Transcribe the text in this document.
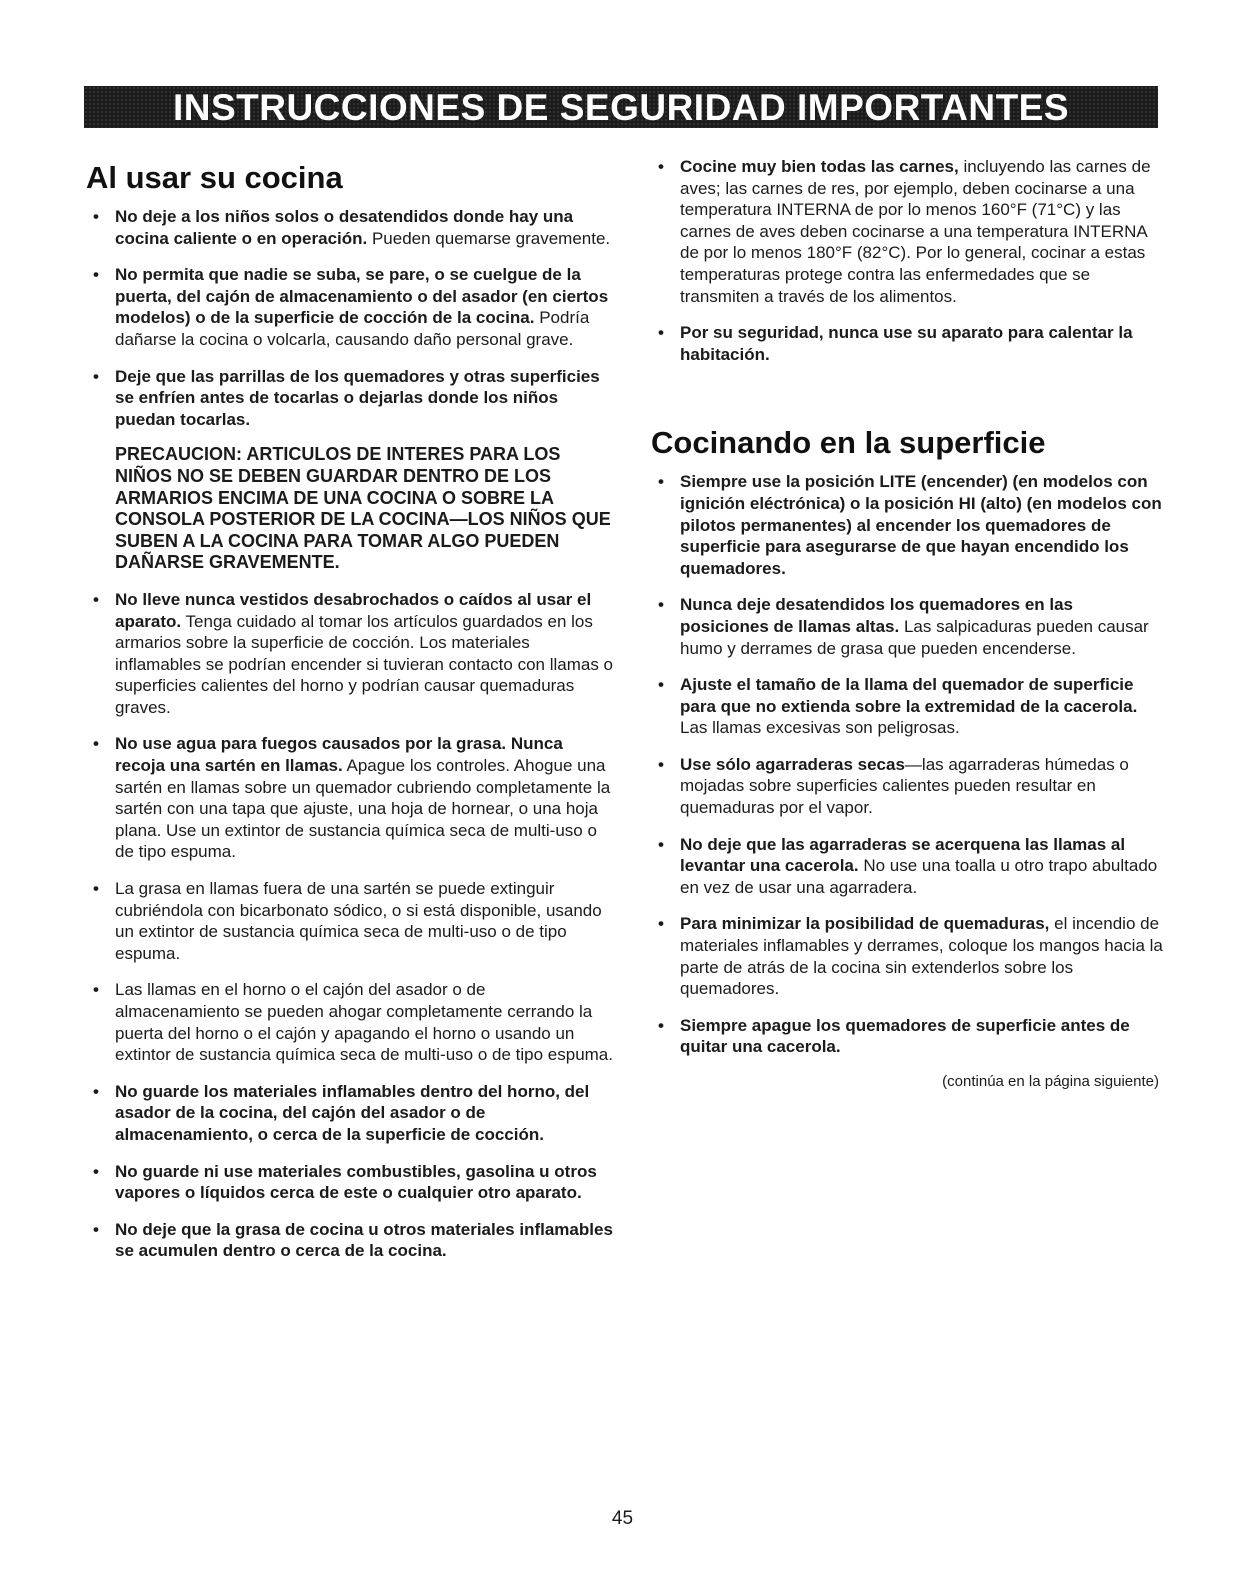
INSTRUCCIONES DE SEGURIDAD IMPORTANTES
Al usar su cocina
• No deje a los niños solos o desatendidos donde hay una cocina caliente o en operación. Pueden quemarse gravemente.
• No permita que nadie se suba, se pare, o se cuelgue de la puerta, del cajón de almacenamiento o del asador (en ciertos modelos) o de la superficie de cocción de la cocina. Podría dañarse la cocina o volcarla, causando daño personal grave.
• Deje que las parrillas de los quemadores y otras superficies se enfríen antes de tocarlas o dejarlas donde los niños puedan tocarlas.
PRECAUCION: ARTICULOS DE INTERES PARA LOS NIÑOS NO SE DEBEN GUARDAR DENTRO DE LOS ARMARIOS ENCIMA DE UNA COCINA O SOBRE LA CONSOLA POSTERIOR DE LA COCINA—LOS NIÑOS QUE SUBEN A LA COCINA PARA TOMAR ALGO PUEDEN DAÑARSE GRAVEMENTE.
• No lleve nunca vestidos desabrochados o caídos al usar el aparato. Tenga cuidado al tomar los artículos guardados en los armarios sobre la superficie de cocción. Los materiales inflamables se podrían encender si tuvieran contacto con llamas o superficies calientes del horno y podrían causar quemaduras graves.
• No use agua para fuegos causados por la grasa. Nunca recoja una sartén en llamas. Apague los controles. Ahogue una sartén en llamas sobre un quemador cubriendo completamente la sartén con una tapa que ajuste, una hoja de hornear, o una hoja plana. Use un extintor de sustancia química seca de multi-uso o de tipo espuma.
• La grasa en llamas fuera de una sartén se puede extinguir cubriéndola con bicarbonato sódico, o si está disponible, usando un extintor de sustancia química seca de multi-uso o de tipo espuma.
• Las llamas en el horno o el cajón del asador o de almacenamiento se pueden ahogar completamente cerrando la puerta del horno o el cajón y apagando el horno o usando un extintor de sustancia química seca de multi-uso o de tipo espuma.
• No guarde los materiales inflamables dentro del horno, del asador de la cocina, del cajón del asador o de almacenamiento, o cerca de la superficie de cocción.
• No guarde ni use materiales combustibles, gasolina u otros vapores o líquidos cerca de este o cualquier otro aparato.
• No deje que la grasa de cocina u otros materiales inflamables se acumulen dentro o cerca de la cocina.
• Cocine muy bien todas las carnes, incluyendo las carnes de aves; las carnes de res, por ejemplo, deben cocinarse a una temperatura INTERNA de por lo menos 160°F (71°C) y las carnes de aves deben cocinarse a una temperatura INTERNA de por lo menos 180°F (82°C). Por lo general, cocinar a estas temperaturas protege contra las enfermedades que se transmiten a través de los alimentos.
• Por su seguridad, nunca use su aparato para calentar la habitación.
Cocinando en la superficie
• Siempre use la posición LITE (encender) (en modelos con ignición eléctrónica) o la posición HI (alto) (en modelos con pilotos permanentes) al encender los quemadores de superficie para asegurarse de que hayan encendido los quemadores.
• Nunca deje desatendidos los quemadores en las posiciones de llamas altas. Las salpicaduras pueden causar humo y derrames de grasa que pueden encenderse.
• Ajuste el tamaño de la llama del quemador de superficie para que no extienda sobre la extremidad de la cacerola. Las llamas excesivas son peligrosas.
• Use sólo agarraderas secas—las agarraderas húmedas o mojadas sobre superficies calientes pueden resultar en quemaduras por el vapor.
• No deje que las agarraderas se acerquena las llamas al levantar una cacerola. No use una toalla u otro trapo abultado en vez de usar una agarradera.
• Para minimizar la posibilidad de quemaduras, el incendio de materiales inflamables y derrames, coloque los mangos hacia la parte de atrás de la cocina sin extenderlos sobre los quemadores.
• Siempre apague los quemadores de superficie antes de quitar una cacerola.
(continúa en la página siguiente)
45
